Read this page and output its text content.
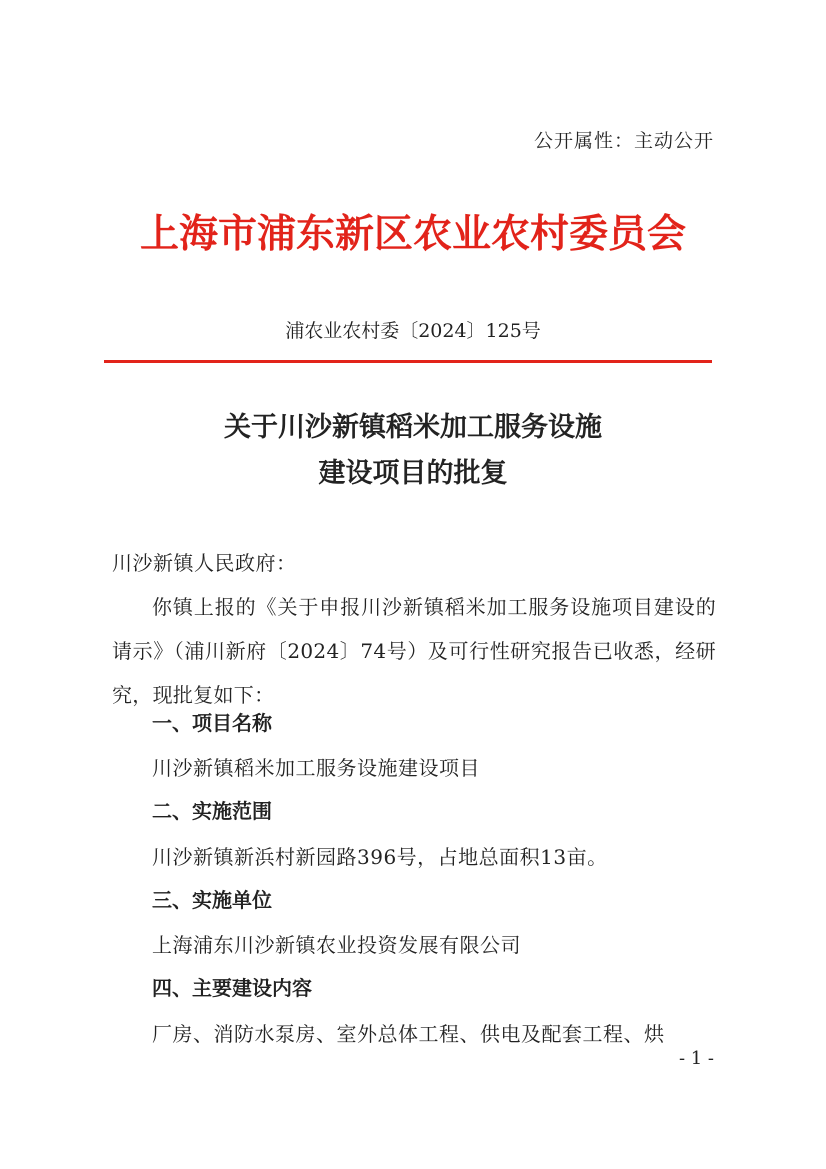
公开属性：主动公开
上海市浦东新区农业农村委员会
浦农业农村委〔2024〕125号
关于川沙新镇稻米加工服务设施
建设项目的批复
川沙新镇人民政府：

你镇上报的《关于申报川沙新镇稻米加工服务设施项目建设的请示》（浦川新府〔2024〕74号）及可行性研究报告已收悉，经研究，现批复如下：

一、项目名称
川沙新镇稻米加工服务设施建设项目
二、实施范围
川沙新镇新浜村新园路396号，占地总面积13亩。
三、实施单位
上海浦东川沙新镇农业投资发展有限公司
四、主要建设内容
厂房、消防水泵房、室外总体工程、供电及配套工程、烘
- 1 -
